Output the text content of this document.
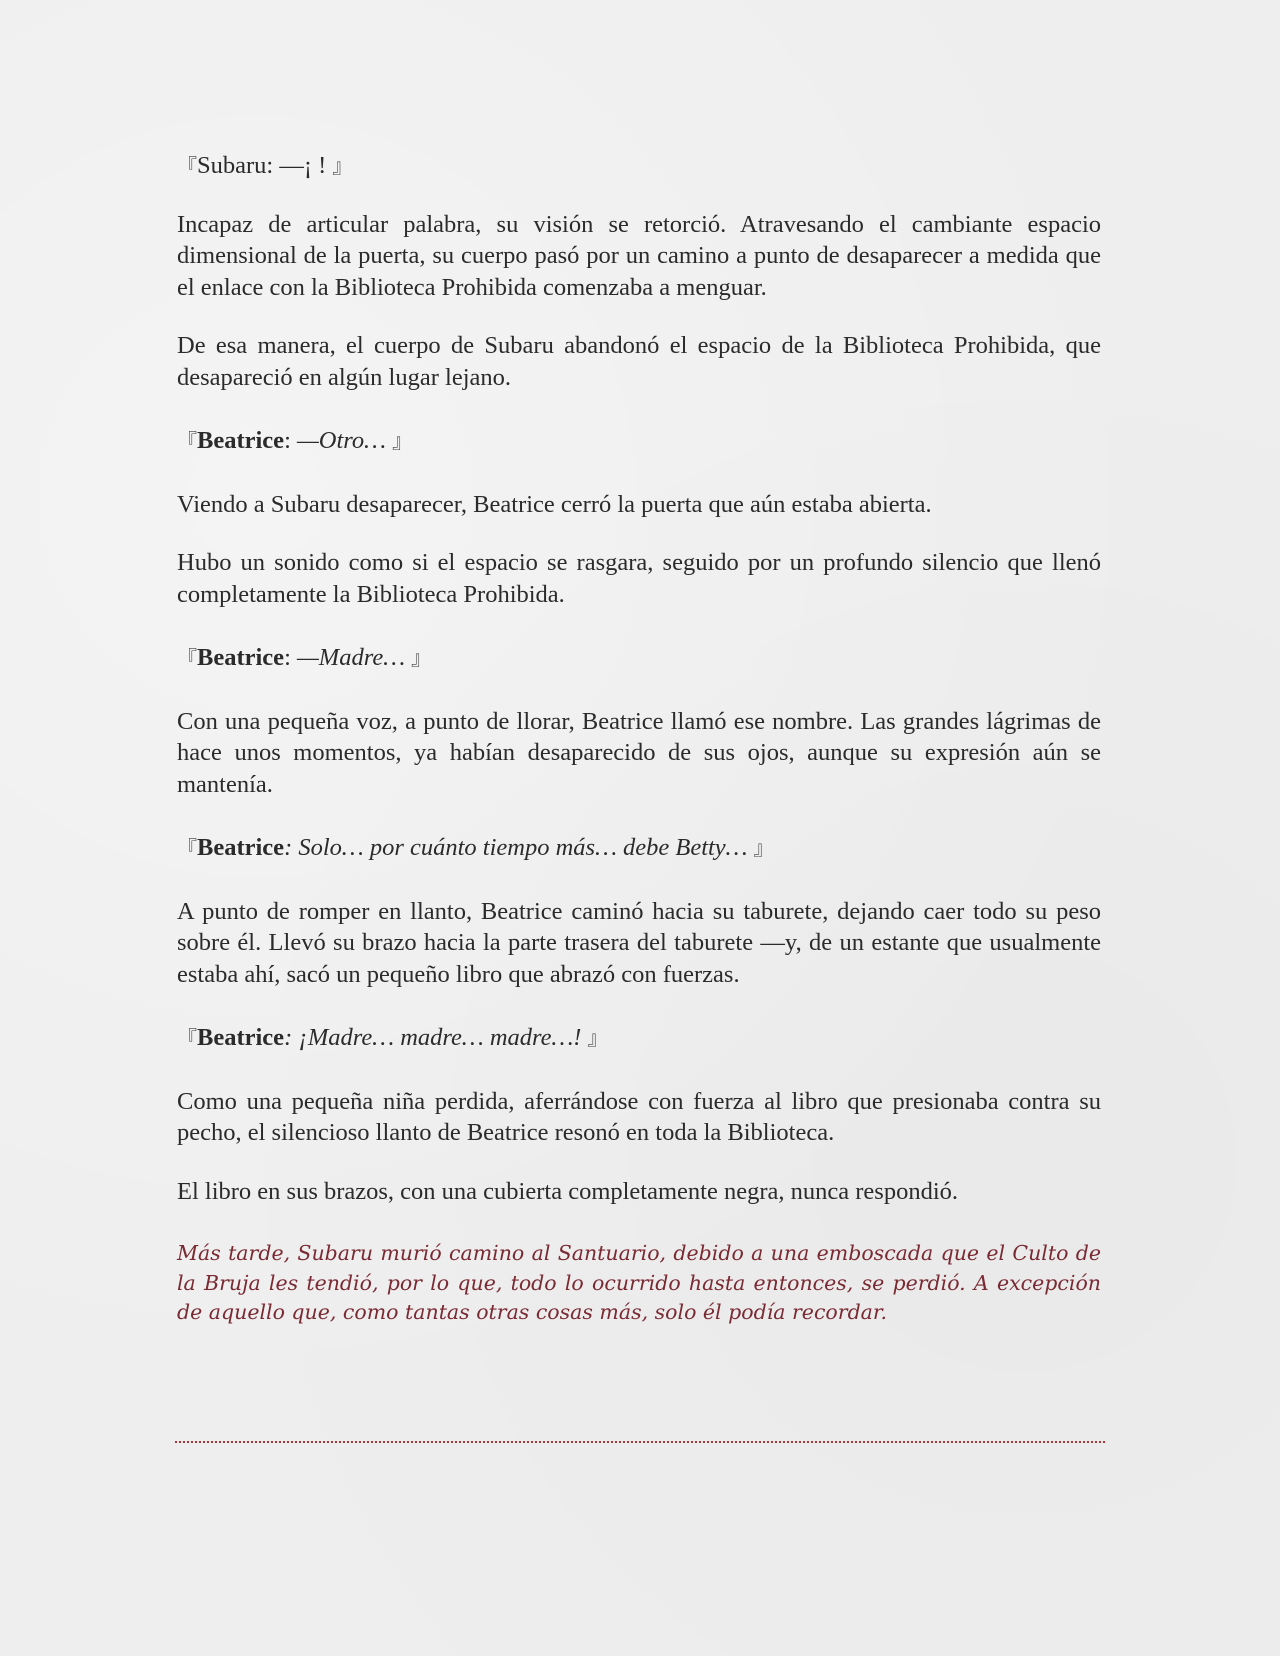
『Subaru: —¡ ! 』

Incapaz de articular palabra, su visión se retorció. Atravesando el cambiante espacio dimensional de la puerta, su cuerpo pasó por un camino a punto de desaparecer a medida que el enlace con la Biblioteca Prohibida comenzaba a menguar.

De esa manera, el cuerpo de Subaru abandonó el espacio de la Biblioteca Prohibida, que desapareció en algún lugar lejano.

『Beatrice: —Otro… 』

Viendo a Subaru desaparecer, Beatrice cerró la puerta que aún estaba abierta.

Hubo un sonido como si el espacio se rasgara, seguido por un profundo silencio que llenó completamente la Biblioteca Prohibida.

『Beatrice: —Madre… 』

Con una pequeña voz, a punto de llorar, Beatrice llamó ese nombre. Las grandes lágrimas de hace unos momentos, ya habían desaparecido de sus ojos, aunque su expresión aún se mantenía.

『Beatrice: Solo… por cuánto tiempo más… debe Betty… 』

A punto de romper en llanto, Beatrice caminó hacia su taburete, dejando caer todo su peso sobre él. Llevó su brazo hacia la parte trasera del taburete —y, de un estante que usualmente estaba ahí, sacó un pequeño libro que abrazó con fuerzas.

『Beatrice: ¡Madre… madre… madre…! 』

Como una pequeña niña perdida, aferrándose con fuerza al libro que presionaba contra su pecho, el silencioso llanto de Beatrice resonó en toda la Biblioteca.

El libro en sus brazos, con una cubierta completamente negra, nunca respondió.

Más tarde, Subaru murió camino al Santuario, debido a una emboscada que el Culto de la Bruja les tendió, por lo que, todo lo ocurrido hasta entonces, se perdió. A excepción de aquello que, como tantas otras cosas más, solo él podía recordar.
